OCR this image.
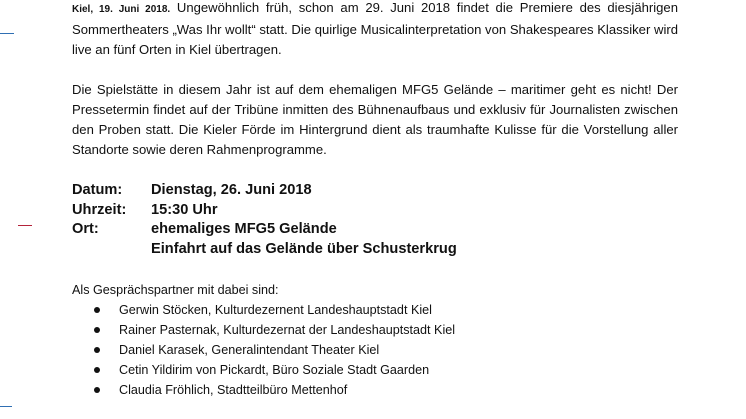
Kiel, 19. Juni 2018. Ungewöhnlich früh, schon am 29. Juni 2018 findet die Premiere des diesjährigen Sommertheaters „Was Ihr wollt“ statt. Die quirlige Musicalinterpretation von Shakespeares Klassiker wird live an fünf Orten in Kiel übertragen.

Die Spielstätte in diesem Jahr ist auf dem ehemaligen MFG5 Gelände – maritimer geht es nicht! Der Pressetermin findet auf der Tribüne inmitten des Bühnenaufbaus und exklusiv für Journalisten zwischen den Proben statt. Die Kieler Förde im Hintergrund dient als traumhafte Kulisse für die Vorstellung aller Standorte sowie deren Rahmenprogramme.

Datum:	Dienstag, 26. Juni 2018
Uhrzeit:	15:30 Uhr
Ort:	ehemaliges MFG5 Gelände
Einfahrt auf das Gelände über Schusterkrug

Als Gesprächspartner mit dabei sind:

Gerwin Stöcken, Kulturdezernent Landeshauptstadt Kiel
Rainer Pasternak, Kulturdezernat der Landeshauptstadt Kiel
Daniel Karasek, Generalintendant Theater Kiel
Cetin Yildirim von Pickardt, Büro Soziale Stadt Gaarden
Claudia Fröhlich, Stadtteilbüro Mettenhof
